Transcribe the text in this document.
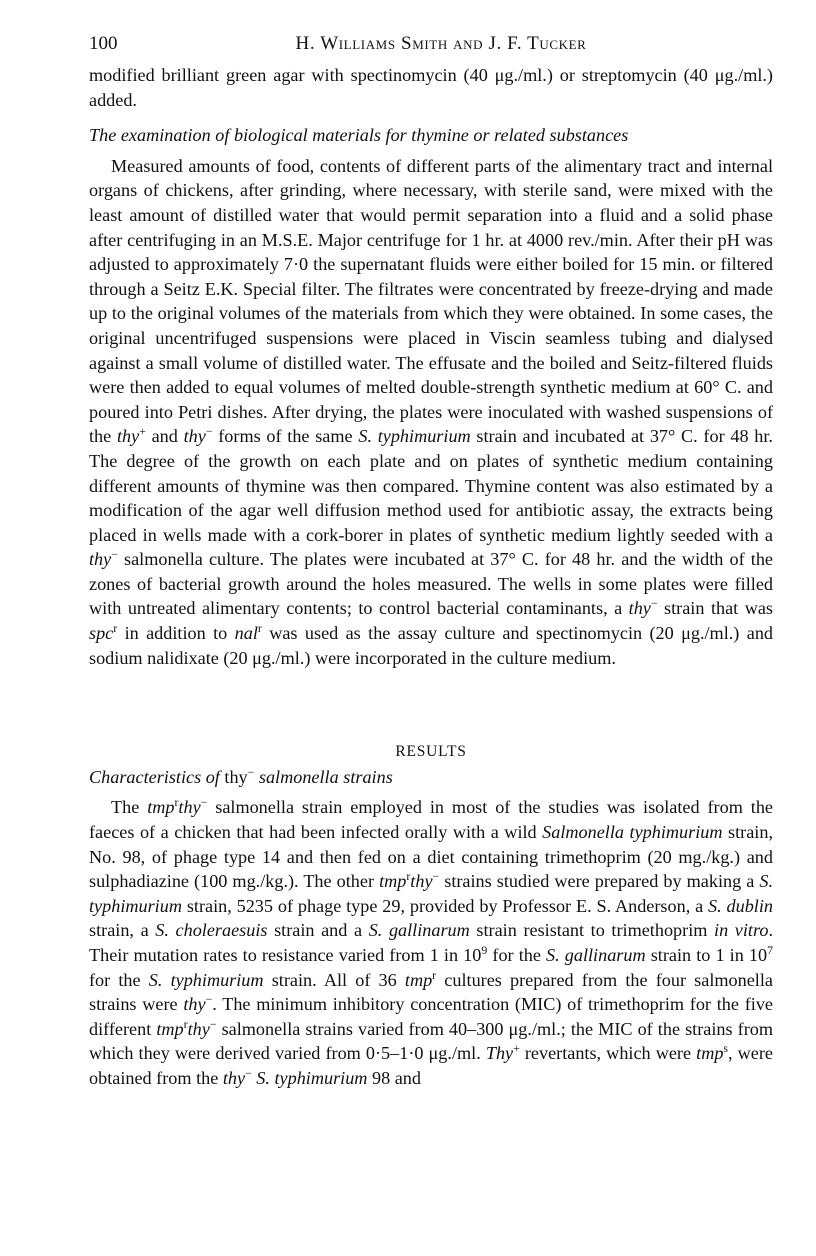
100	H. Williams Smith and J. F. Tucker

modified brilliant green agar with spectinomycin (40 μg./ml.) or streptomycin (40 μg./ml.) added.

The examination of biological materials for thymine or related substances

Measured amounts of food, contents of different parts of the alimentary tract and internal organs of chickens, after grinding, where necessary, with sterile sand, were mixed with the least amount of distilled water that would permit separation into a fluid and a solid phase after centrifuging in an M.S.E. Major centrifuge for 1 hr. at 4000 rev./min. After their pH was adjusted to approximately 7·0 the supernatant fluids were either boiled for 15 min. or filtered through a Seitz E.K. Special filter. The filtrates were concentrated by freeze-drying and made up to the original volumes of the materials from which they were obtained. In some cases, the original uncentrifuged suspensions were placed in Viscin seamless tubing and dialysed against a small volume of distilled water. The effusate and the boiled and Seitz-filtered fluids were then added to equal volumes of melted double-strength synthetic medium at 60° C. and poured into Petri dishes. After drying, the plates were inoculated with washed suspensions of the thy+ and thy− forms of the same S. typhimurium strain and incubated at 37° C. for 48 hr. The degree of the growth on each plate and on plates of synthetic medium containing different amounts of thymine was then compared. Thymine content was also estimated by a modification of the agar well diffusion method used for antibiotic assay, the extracts being placed in wells made with a cork-borer in plates of synthetic medium lightly seeded with a thy− salmonella culture. The plates were incubated at 37° C. for 48 hr. and the width of the zones of bacterial growth around the holes measured. The wells in some plates were filled with untreated alimentary contents; to control bacterial contaminants, a thy− strain that was spc$^r$ in addition to nal$^r$ was used as the assay culture and spectinomycin (20 μg./ml.) and sodium nalidixate (20 μg./ml.) were incorporated in the culture medium.

RESULTS

Characteristics of thy− salmonella strains

The tmp$^r$thy− salmonella strain employed in most of the studies was isolated from the faeces of a chicken that had been infected orally with a wild Salmonella typhimurium strain, No. 98, of phage type 14 and then fed on a diet containing trimethoprim (20 mg./kg.) and sulphadiazine (100 mg./kg.). The other tmp$^r$thy− strains studied were prepared by making a S. typhimurium strain, 5235 of phage type 29, provided by Professor E. S. Anderson, a S. dublin strain, a S. choleraesuis strain and a S. gallinarum strain resistant to trimethoprim in vitro. Their mutation rates to resistance varied from 1 in $10^9$ for the S. gallinarum strain to 1 in $10^7$ for the S. typhimurium strain. All of 36 tmp$^r$ cultures prepared from the four salmonella strains were thy−. The minimum inhibitory concentration (MIC) of trimethoprim for the five different tmp$^r$thy− salmonella strains varied from 40–300 μg./ml.; the MIC of the strains from which they were derived varied from 0·5–1·0 μg./ml. Thy+ revertants, which were tmp$^s$, were obtained from the thy− S. typhimurium 98 and
